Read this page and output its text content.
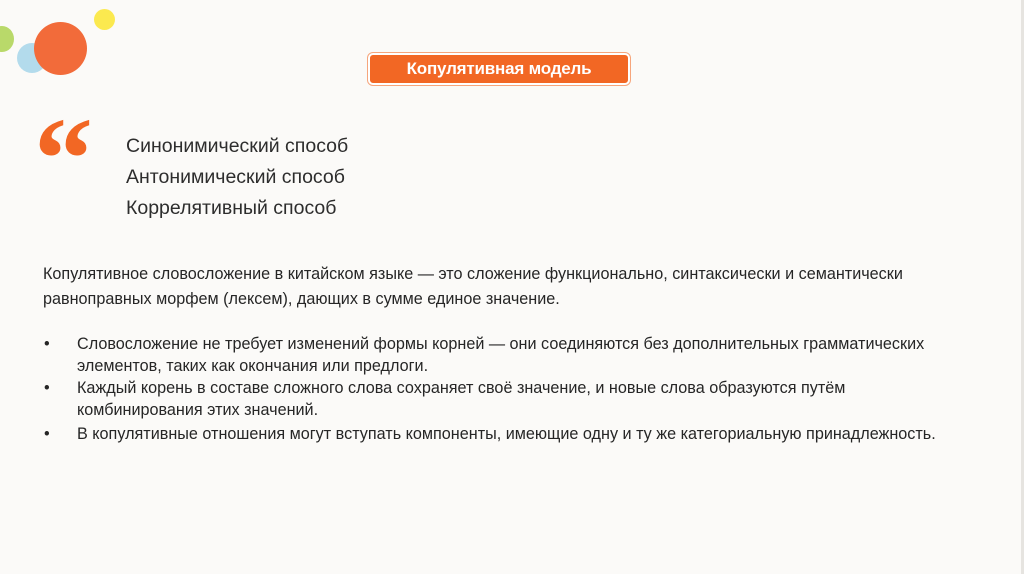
Копулятивная модель
“ Синонимический способ
Антонимический способ
Коррелятивный способ

Копулятивное словосложение в китайском языке — это сложение функционально, синтаксически и семантически равноправных морфем (лексем), дающих в сумме единое значение.

• Словосложение не требует изменений формы корней — они соединяются без дополнительных грамматических элементов, таких как окончания или предлоги.
• Каждый корень в составе сложного слова сохраняет своё значение, и новые слова образуются путём комбинирования этих значений.
• В копулятивные отношения могут вступать компоненты, имеющие одну и ту же категориальную принадлежность.
